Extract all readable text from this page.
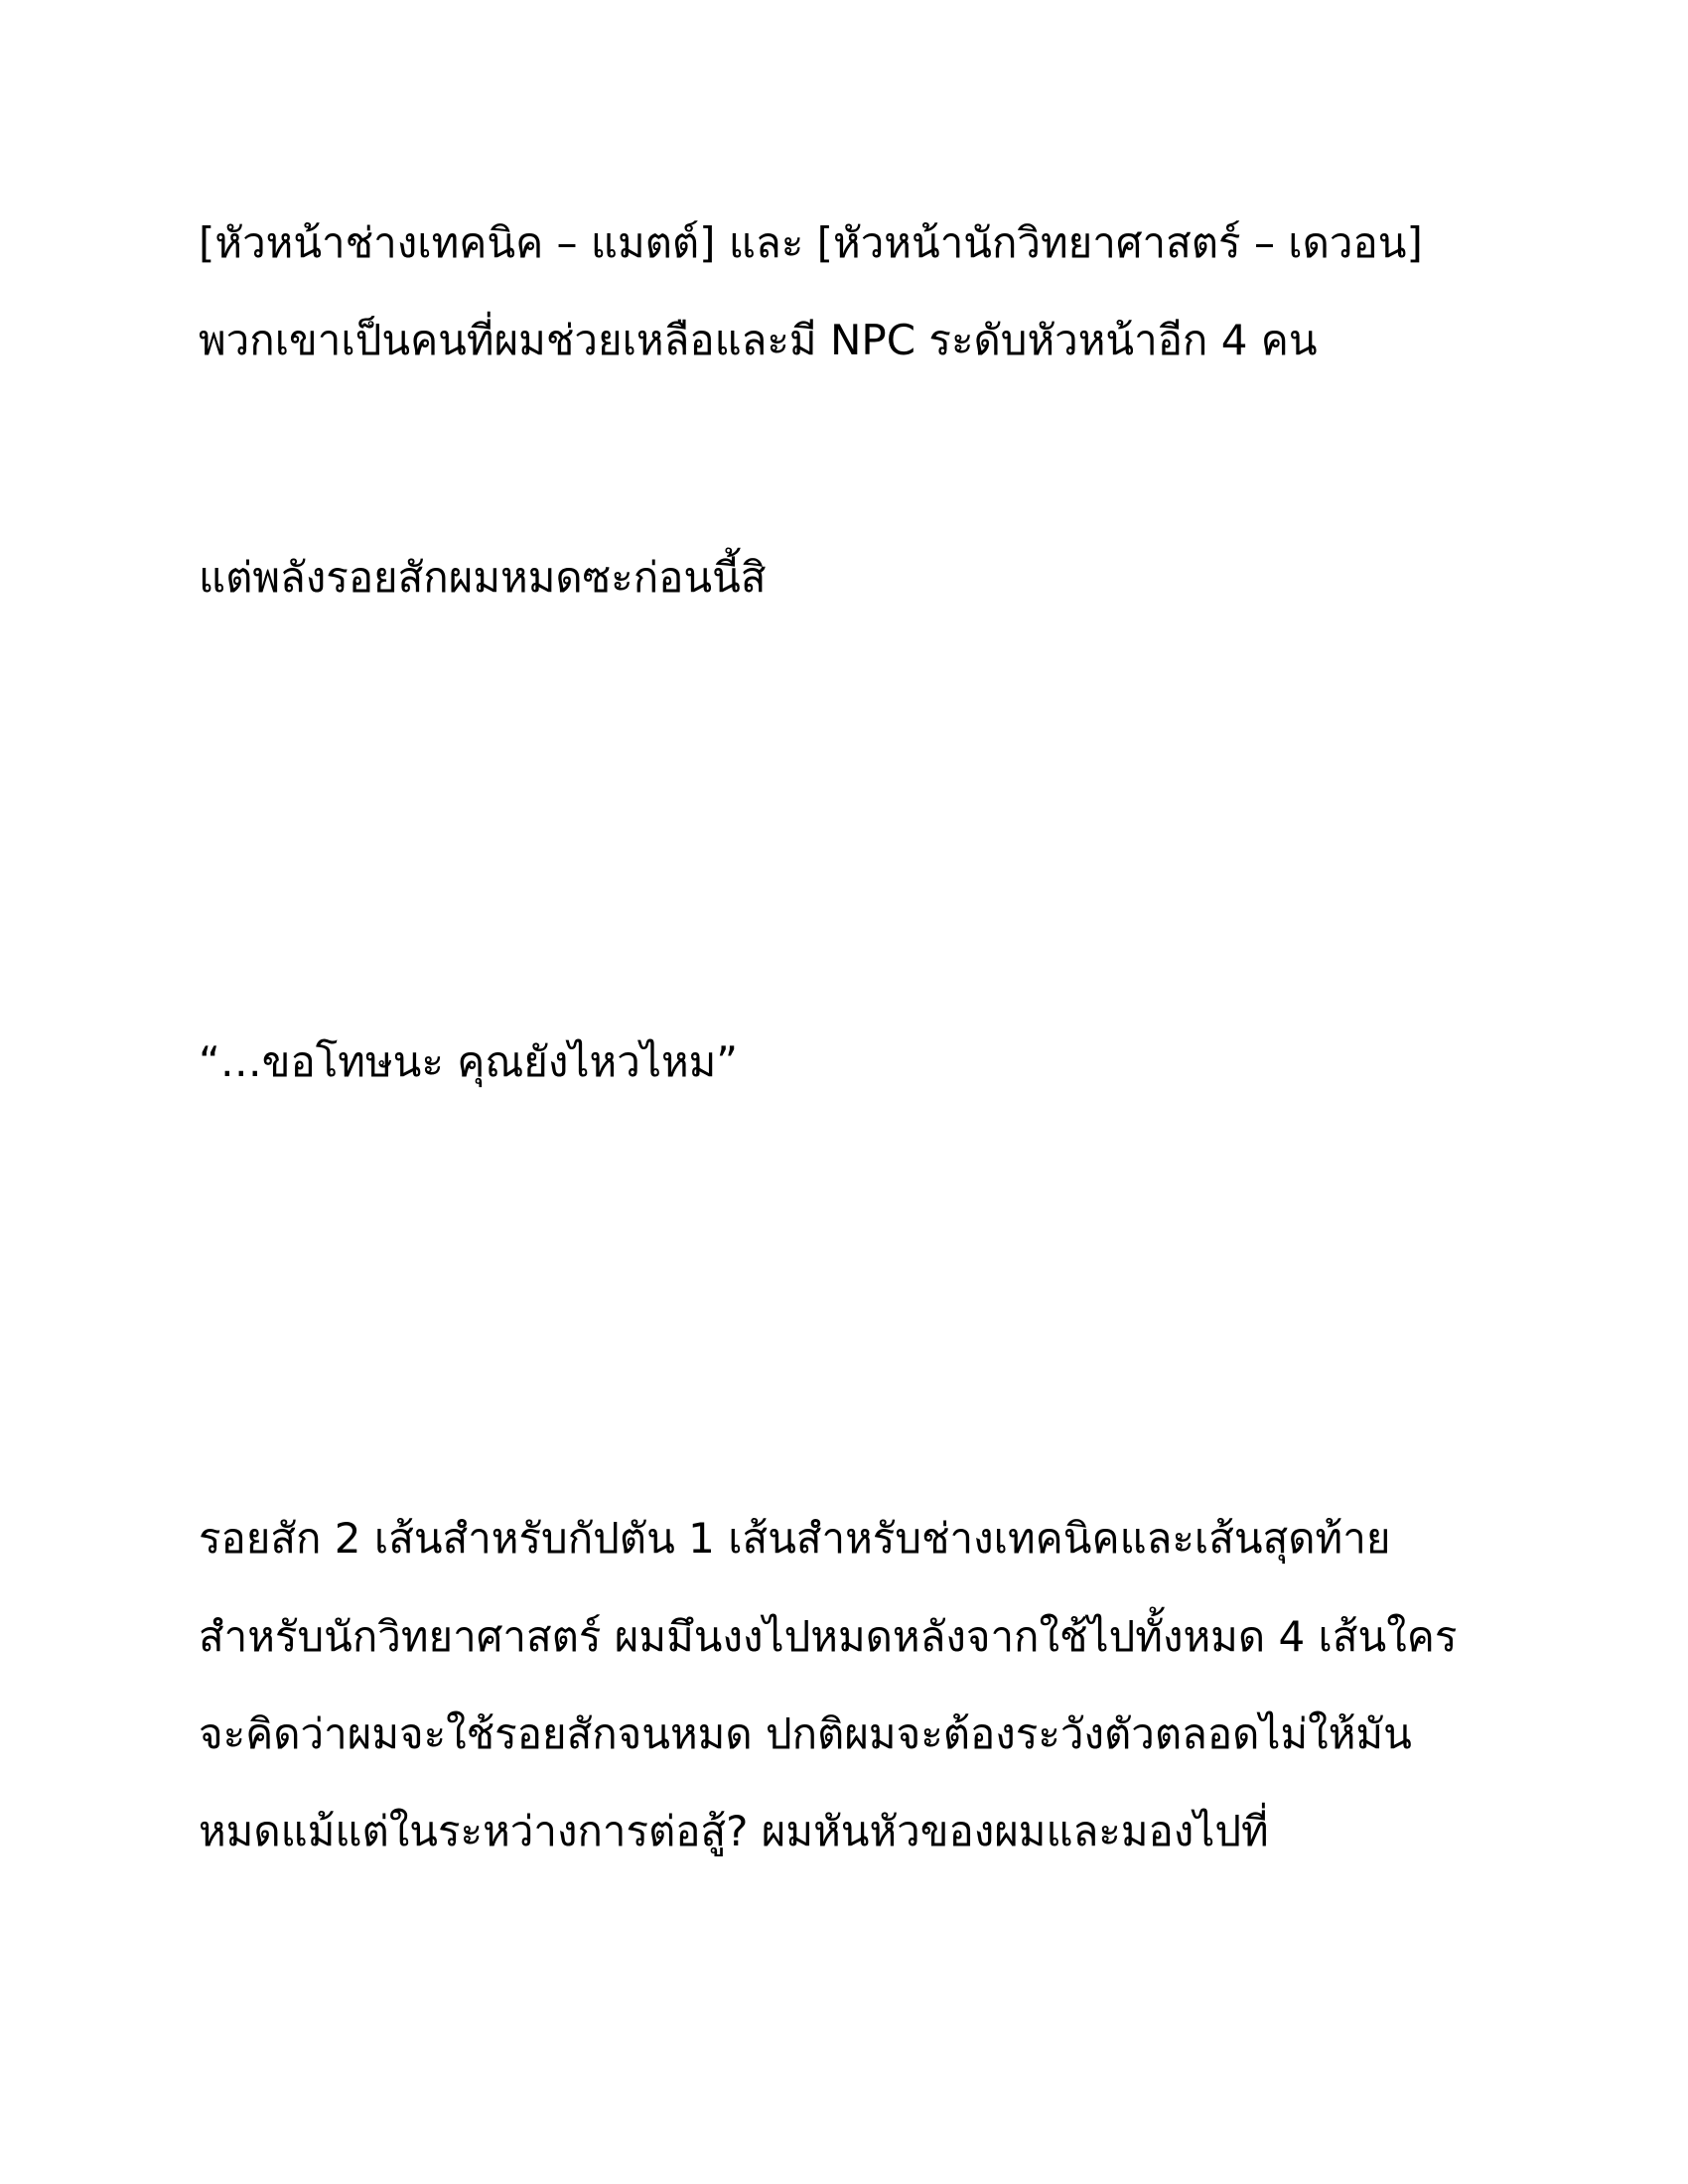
[หัวหน้าช่างเทคนิค – แมตต์] และ [หัวหน้านักวิทยาศาสตร์ – เดวอน]
พวกเขาเป็นคนที่ผมช่วยเหลือและมี NPC ระดับหัวหน้าอีก 4 คน
แต่พลังรอยสักผมหมดซะก่อนนี้สิ
“…ขอโทษนะ คุณยังไหวไหม”
รอยสัก 2 เส้นสำหรับกัปตัน 1 เส้นสำหรับช่างเทคนิคและเส้นสุดท้าย
สำหรับนักวิทยาศาสตร์ ผมมึนงงไปหมดหลังจากใช้ไปทั้งหมด 4 เส้นใคร
จะคิดว่าผมจะใช้รอยสักจนหมด ปกติผมจะต้องระวังตัวตลอดไม่ให้มัน
หมดแม้แต่ในระหว่างการต่อสู้? ผมหันหัวของผมและมองไปที่
